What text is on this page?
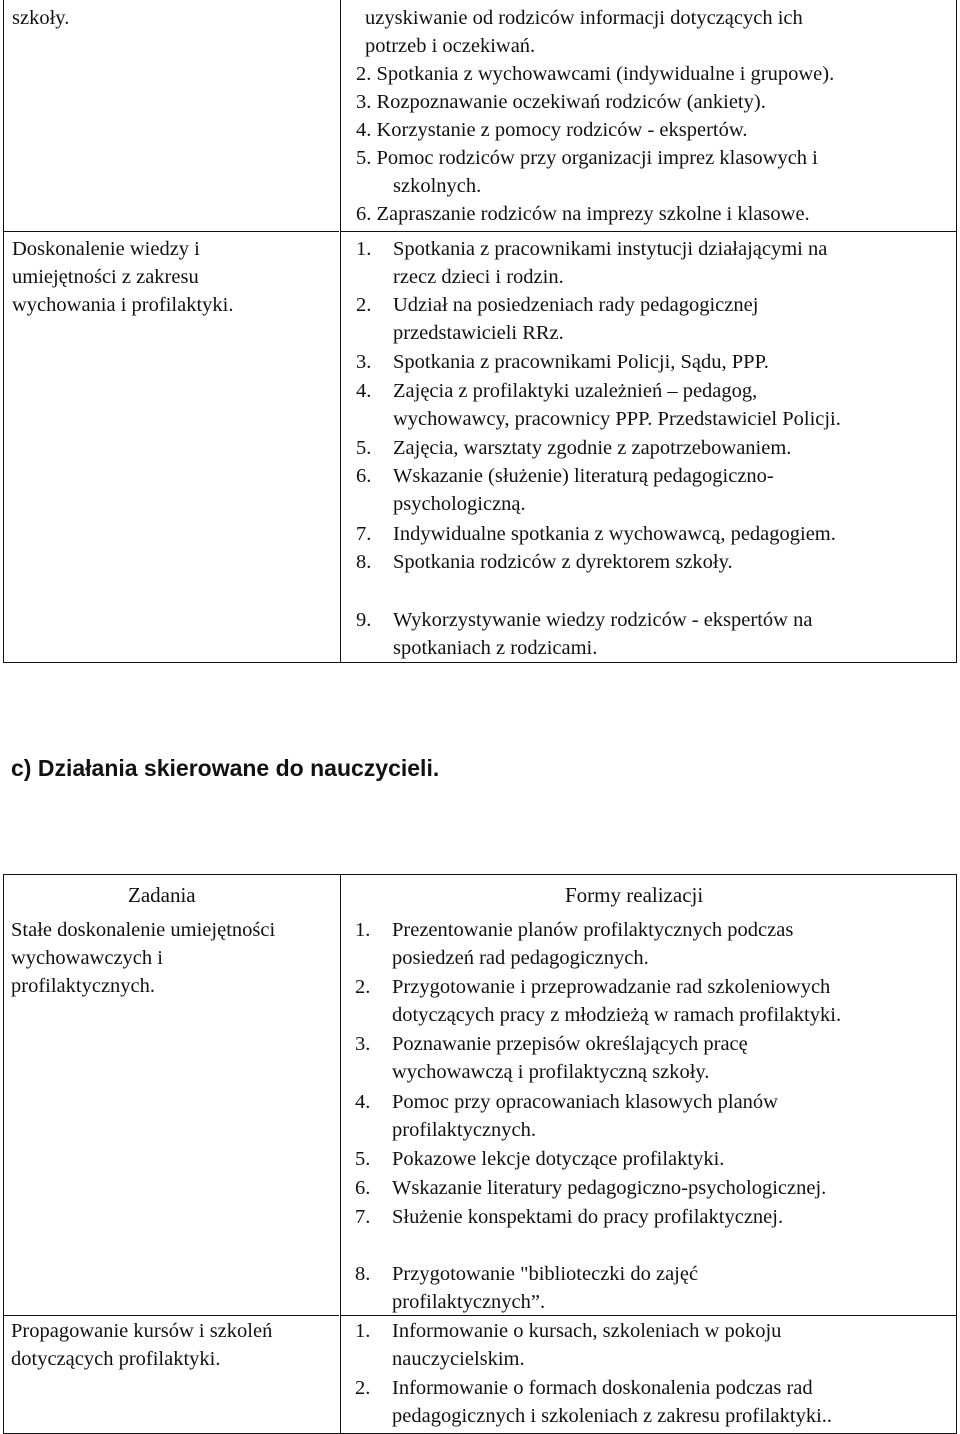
szkoły.
Doskonalenie wiedzy i
umiejętności z zakresu
wychowania i profilaktyki.
uzyskiwanie od rodziców informacji dotyczących ich
potrzeb i oczekiwań.
2. Spotkania z wychowawcami (indywidualne i grupowe).
3. Rozpoznawanie oczekiwań rodziców (ankiety).
4. Korzystanie z pomocy rodziców - ekspertów.
5. Pomoc rodziców przy organizacji imprez klasowych i
szkolnych.
6. Zapraszanie rodziców na imprezy szkolne i klasowe.
1. Spotkania z pracownikami instytucji działającymi na
rzecz dzieci i rodzin.
2. Udział na posiedzeniach rady pedagogicznej
przedstawicieli RRz.
3. Spotkania z pracownikami Policji, Sądu, PPP.
4. Zajęcia z profilaktyki uzależnień – pedagog,
wychowawcy, pracownicy PPP. Przedstawiciel Policji.
5. Zajęcia, warsztaty zgodnie z zapotrzebowaniem.
6. Wskazanie (służenie) literaturą pedagogiczno-
psychologiczną.
7. Indywidualne spotkania z wychowawcą, pedagogiem.
8. Spotkania rodziców z dyrektorem szkoły.
9. Wykorzystywanie wiedzy rodziców - ekspertów na
spotkaniach z rodzicami.
c) Działania skierowane do nauczycieli.
Zadania	Formy realizacji
Stałe doskonalenie umiejętności
wychowawczych i
profilaktycznych.
1. Prezentowanie planów profilaktycznych podczas
posiedzeń rad pedagogicznych.
2. Przygotowanie i przeprowadzanie rad szkoleniowych
dotyczących pracy z młodzieżą w ramach profilaktyki.
3. Poznawanie przepisów określających pracę
wychowawczą i profilaktyczną szkoły.
4. Pomoc przy opracowaniach klasowych planów
profilaktycznych.
5. Pokazowe lekcje dotyczące profilaktyki.
6. Wskazanie literatury pedagogiczno-psychologicznej.
7. Służenie konspektami do pracy profilaktycznej.
8. Przygotowanie "biblioteczki do zajęć
profilaktycznych”.
Propagowanie kursów i szkoleń
dotyczących profilaktyki.
1. Informowanie o kursach, szkoleniach w pokoju
nauczycielskim.
2. Informowanie o formach doskonalenia podczas rad
pedagogicznych i szkoleniach z zakresu profilaktyki..
